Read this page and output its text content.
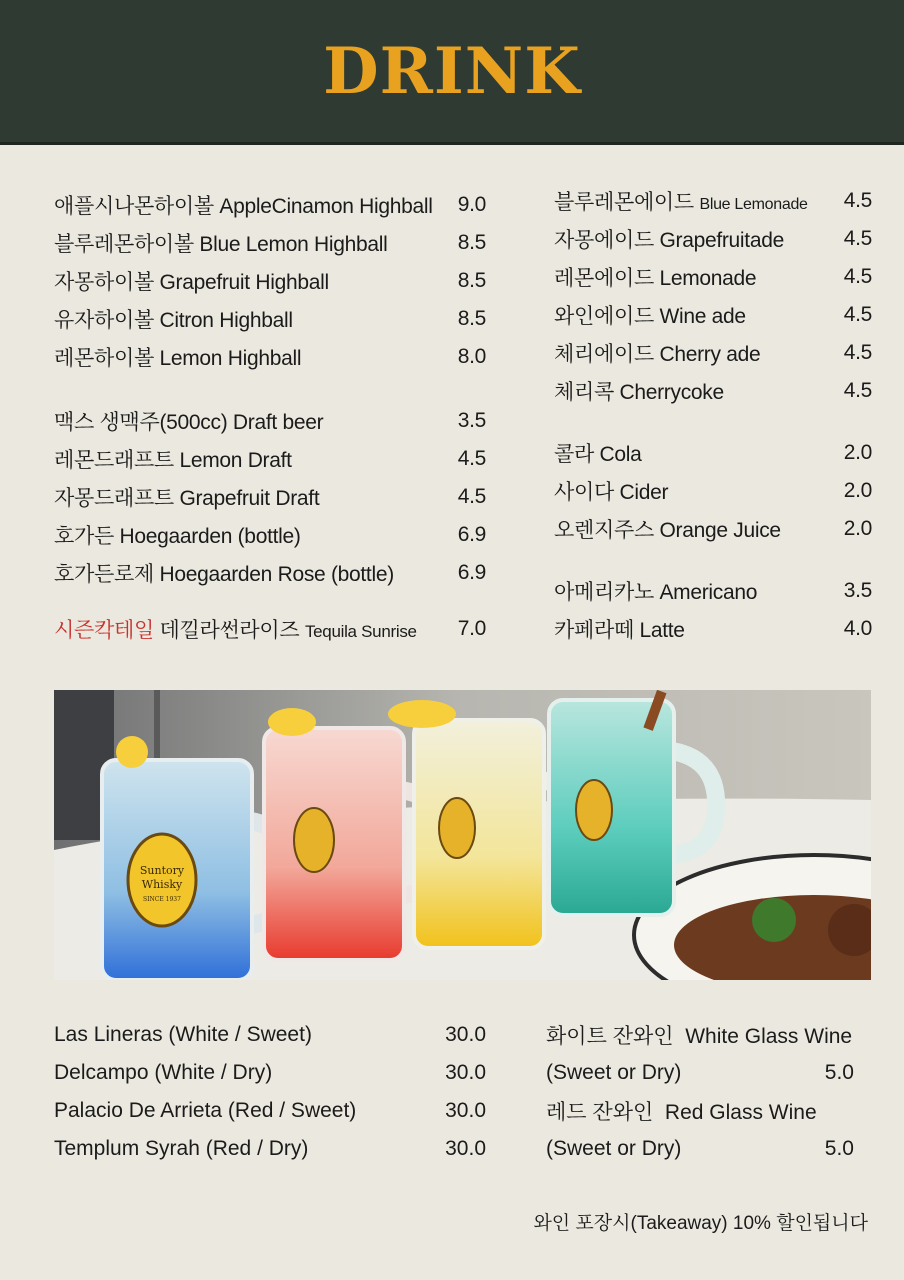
DRINK
애플시나몬하이볼 AppleCinamon Highball 9.0
블루레몬하이볼 Blue Lemon Highball	8.5
자몽하이볼 Grapefruit Highball	8.5
유자하이볼 Citron Highball	8.5
레몬하이볼 Lemon Highball	8.0
맥스 생맥주(500cc) Draft beer	3.5
레몬드래프트 Lemon Draft	4.5
자몽드래프트 Grapefruit Draft	4.5
호가든 Hoegaarden (bottle)	6.9
호가든로제 Hoegaarden Rose (bottle)	6.9
시즌칵테일 데낄라썬라이즈 Tequila Sunrise 7.0
블루레몬에이드 Blue Lemonade 4.5
자몽에이드 Grapefruitade	4.5
레몬에이드 Lemonade	4.5
와인에이드 Wine ade	4.5
체리에이드 Cherry ade	4.5
체리콕 Cherrycoke	4.5
콜라 Cola	2.0
사이다 Cider	2.0
오렌지주스 Orange Juice	2.0
아메리카노 Americano	3.5
카페라떼 Latte	4.0
Suntory
Whisky
SINCE 1937
Las Lineras (White / Sweet)	30.0
Delcampo (White / Dry)	30.0
Palacio De Arrieta (Red / Sweet)	30.0
Templum Syrah (Red / Dry)	30.0
화이트 잔와인  White Glass Wine
(Sweet or Dry)	5.0
레드 잔와인  Red Glass Wine
(Sweet or Dry)	5.0
와인 포장시(Takeaway) 10% 할인됩니다
